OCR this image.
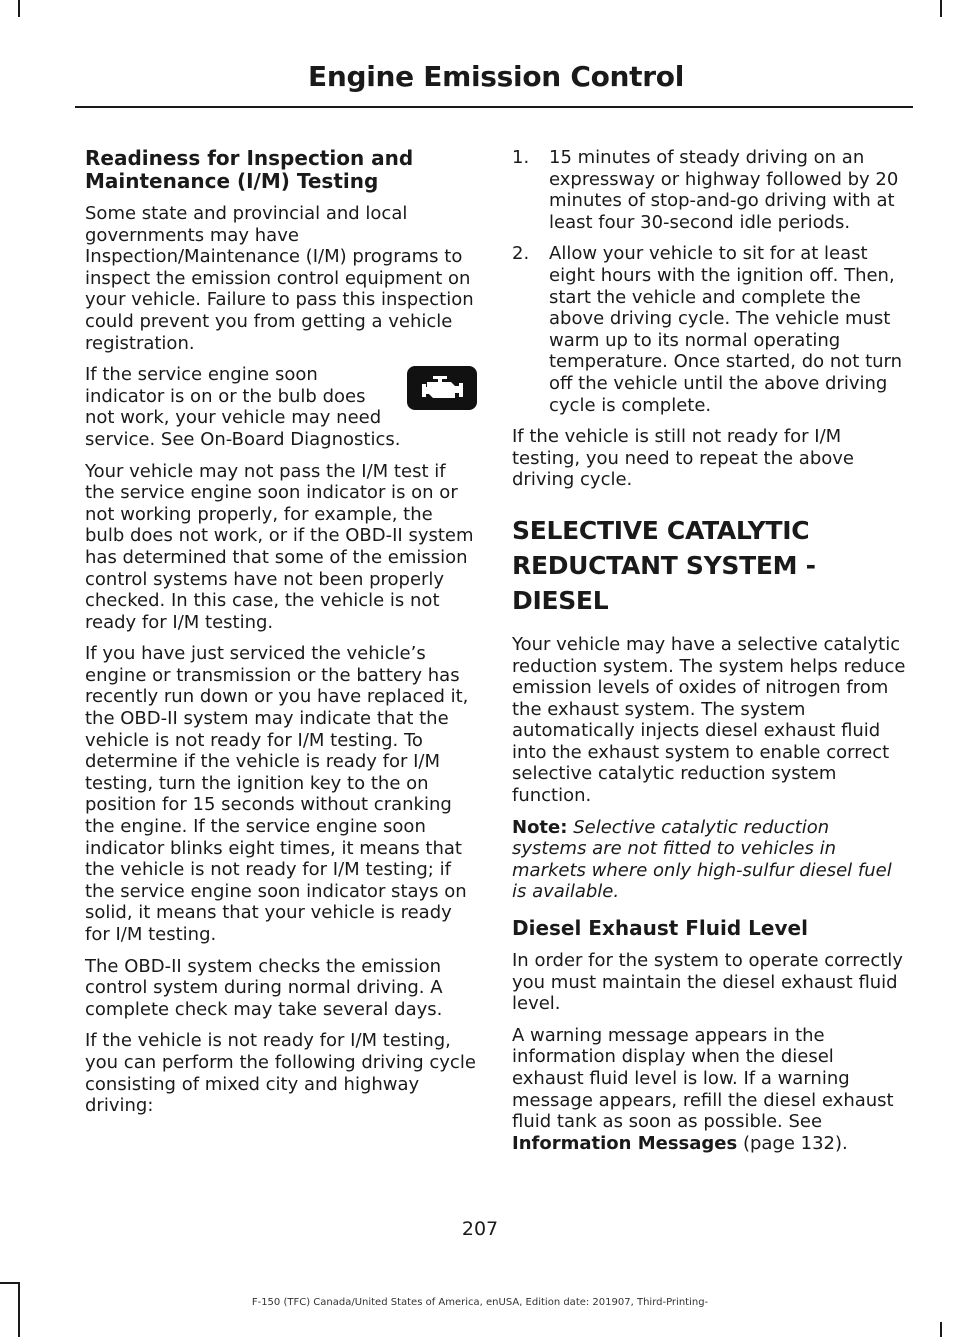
Engine Emission Control
Readiness for Inspection and Maintenance (I/M) Testing

Some state and provincial and local governments may have Inspection/Maintenance (I/M) programs to inspect the emission control equipment on your vehicle. Failure to pass this inspection could prevent you from getting a vehicle registration.

If the service engine soon indicator is on or the bulb does not work, your vehicle may need service. See On-Board Diagnostics.

Your vehicle may not pass the I/M test if the service engine soon indicator is on or not working properly, for example, the bulb does not work, or if the OBD-II system has determined that some of the emission control systems have not been properly checked. In this case, the vehicle is not ready for I/M testing.

If you have just serviced the vehicle’s engine or transmission or the battery has recently run down or you have replaced it, the OBD-II system may indicate that the vehicle is not ready for I/M testing. To determine if the vehicle is ready for I/M testing, turn the ignition key to the on position for 15 seconds without cranking the engine. If the service engine soon indicator blinks eight times, it means that the vehicle is not ready for I/M testing; if the service engine soon indicator stays on solid, it means that your vehicle is ready for I/M testing.

The OBD-II system checks the emission control system during normal driving. A complete check may take several days.

If the vehicle is not ready for I/M testing, you can perform the following driving cycle consisting of mixed city and highway driving:

1. 15 minutes of steady driving on an expressway or highway followed by 20 minutes of stop-and-go driving with at least four 30-second idle periods.
2. Allow your vehicle to sit for at least eight hours with the ignition off. Then, start the vehicle and complete the above driving cycle. The vehicle must warm up to its normal operating temperature. Once started, do not turn off the vehicle until the above driving cycle is complete.

If the vehicle is still not ready for I/M testing, you need to repeat the above driving cycle.

SELECTIVE CATALYTIC
REDUCTANT SYSTEM - DIESEL

Your vehicle may have a selective catalytic reduction system. The system helps reduce emission levels of oxides of nitrogen from the exhaust system. The system automatically injects diesel exhaust fluid into the exhaust system to enable correct selective catalytic reduction system function.

Note: Selective catalytic reduction systems are not fitted to vehicles in markets where only high-sulfur diesel fuel is available.

Diesel Exhaust Fluid Level

In order for the system to operate correctly you must maintain the diesel exhaust fluid level.

A warning message appears in the information display when the diesel exhaust fluid level is low. If a warning message appears, refill the diesel exhaust fluid tank as soon as possible. See Information Messages (page 132).

207
F-150 (TFC) Canada/United States of America, enUSA, Edition date: 201907, Third-Printing-
